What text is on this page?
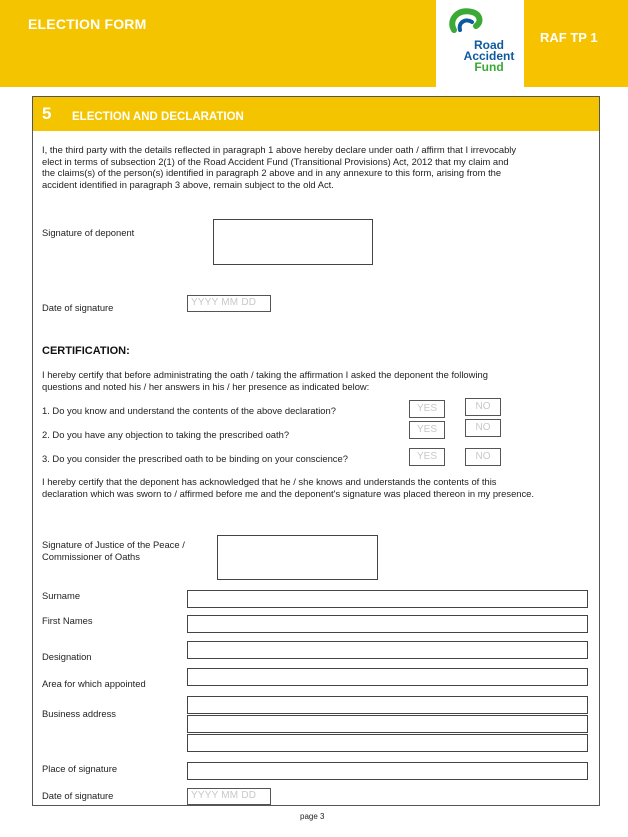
ELECTION FORM
Road
Accident
Fund
RAF TP 1
5 ELECTION AND DECLARATION
I, the third party with the details reflected in paragraph 1 above hereby declare under oath / affirm that I irrevocably
elect in terms of subsection 2(1) of the Road Accident Fund (Transitional Provisions) Act, 2012 that my claim and
the claims(s) of the person(s) identified in paragraph 2 above and in any annexure to this form, arising from the
accident identified in paragraph 3 above, remain subject to the old Act.
Signature of deponent
Date of signature	YYYY MM DD
CERTIFICATION:
I hereby certify that before administrating the oath / taking the affirmation I asked the deponent the following
questions and noted his / her answers in his / her presence as indicated below:
1. Do you know and understand the contents of the above declaration?	YES	NO
2. Do you have any objection to taking the prescribed oath?	YES	NO
3. Do you consider the prescribed oath to be binding on your conscience?	YES	NO
I hereby certify that the deponent has acknowledged that he / she knows and understands the contents of this
declaration which was sworn to / affirmed before me and the deponent's signature was placed thereon in my presence.
Signature of Justice of the Peace /
Commissioner of Oaths
Surname
First Names
Designation
Area for which appointed
Business address
Place of signature
Date of signature	YYYY MM DD
page 3
